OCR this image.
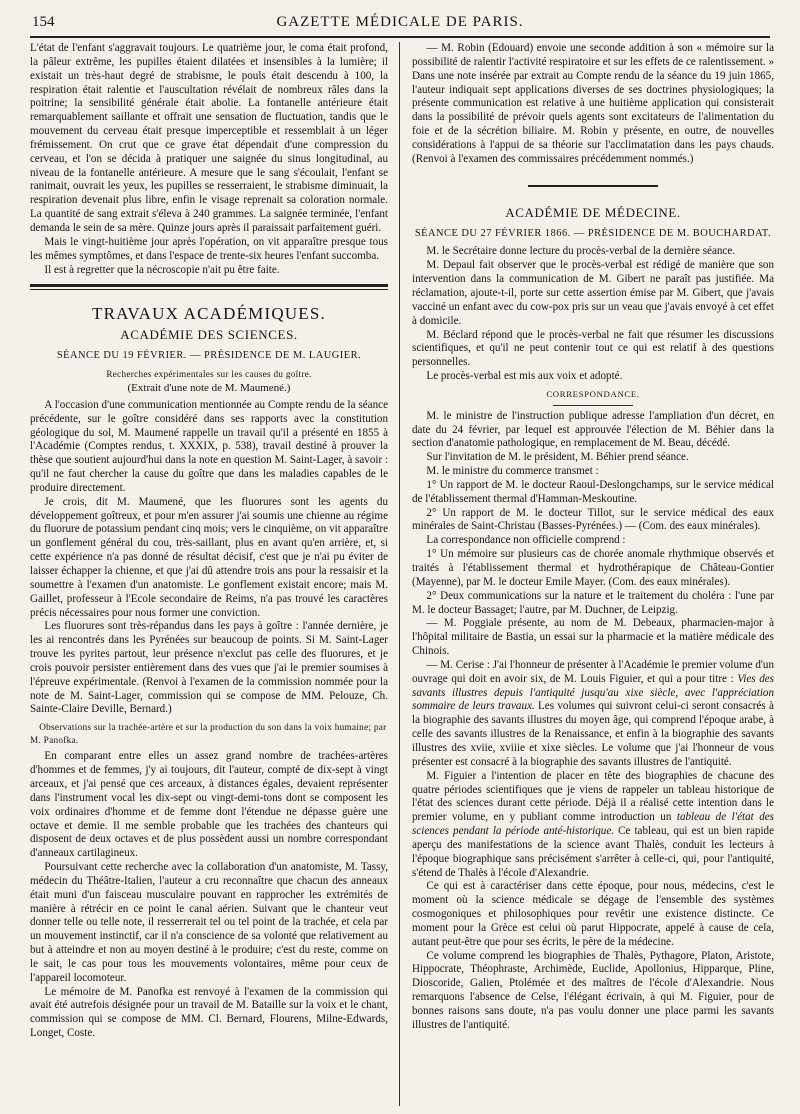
154	GAZETTE MÉDICALE DE PARIS.

L'état de l'enfant s'aggravait toujours. Le quatrième jour, le coma était profond, la pâleur extrême, les pupilles étaient dilatées et insensibles à la lumière; il existait un très-haut degré de strabisme, le pouls était descendu à 100, la respiration était ralentie et l'auscultation révélait de nombreux râles dans la poitrine; la sensibilité générale était abolie. La fontanelle antérieure était remarquablement saillante et offrait une sensation de fluctuation, tandis que le mouvement du cerveau était presque imperceptible et ressemblait à un léger frémissement. On crut que ce grave état dépendait d'une compression du cerveau, et l'on se décida à pratiquer une saignée du sinus longitudinal, au niveau de la fontanelle antérieure. A mesure que le sang s'écoulait, l'enfant se ranimait, ouvrait les yeux, les pupilles se resserraient, le strabisme diminuait, la respiration devenait plus libre, enfin le visage reprenait sa coloration normale. La quantité de sang extrait s'éleva à 240 grammes. La saignée terminée, l'enfant demanda le sein de sa mère. Quinze jours après il paraissait parfaitement guéri.

Mais le vingt-huitième jour après l'opération, on vit apparaître presque tous les mêmes symptômes, et dans l'espace de trente-six heures l'enfant succomba.

Il est à regretter que la nécroscopie n'ait pu être faite.

TRAVAUX ACADÉMIQUES.
ACADÉMIE DES SCIENCES.
SÉANCE DU 19 FÉVRIER. — PRÉSIDENCE DE M. LAUGIER.
Recherches expérimentales sur les causes du goître.
(Extrait d'une note de M. Maumené.)

A l'occasion d'une communication mentionnée au Compte rendu de la séance précédente, sur le goître considéré dans ses rapports avec la constitution géologique du sol, M. Maumené rappelle un travail qu'il a présenté en 1855 à l'Académie (Comptes rendus, t. XXXIX, p. 538), travail destiné à prouver la thèse que soutient aujourd'hui dans la note en question M. Saint-Lager, à savoir : qu'il ne faut chercher la cause du goître que dans les maladies capables de le produire directement.

Je crois, dit M. Maumené, que les fluorures sont les agents du développement goîtreux, et pour m'en assurer j'ai soumis une chienne au régime du fluorure de potassium pendant cinq mois; vers le cinquième, on vit apparaître un gonflement général du cou, très-saillant, plus en avant qu'en arrière, et, si cette expérience n'a pas donné de résultat décisif, c'est que je n'ai pu éviter de laisser échapper la chienne, et que j'ai dû attendre trois ans pour la ressaisir et la soumettre à l'examen d'un anatomiste. Le gonflement existait encore; mais M. Gaillet, professeur à l'Ecole secondaire de Reims, n'a pas trouvé les caractères précis nécessaires pour nous former une conviction.

Les fluorures sont très-répandus dans les pays à goître : l'année dernière, je les ai rencontrés dans les Pyrénées sur beaucoup de points. Si M. Saint-Lager trouve les pyrites partout, leur présence n'exclut pas celle des fluorures, et je crois pouvoir persister entièrement dans des vues que j'ai le premier soumises à l'épreuve expérimentale. (Renvoi à l'examen de la commission nommée pour la note de M. Saint-Lager, commission qui se compose de MM. Pelouze, Ch. Sainte-Claire Deville, Bernard.)

Observations sur la trachée-artère et sur la production du son dans la voix humaine; par M. Panofka.

En comparant entre elles un assez grand nombre de trachées-artères d'hommes et de femmes, j'y ai toujours, dit l'auteur, compté de dix-sept à vingt arceaux, et j'ai pensé que ces arceaux, à distances égales, devaient représenter dans l'instrument vocal les dix-sept ou vingt-demi-tons dont se composent les voix ordinaires d'homme et de femme dont l'étendue ne dépasse guère une octave et demie. Il me semble probable que les trachées des chanteurs qui disposent de deux octaves et de plus possèdent aussi un nombre correspondant d'anneaux cartilagineux.

Poursuivant cette recherche avec la collaboration d'un anatomiste, M. Tassy, médecin du Théâtre-Italien, l'auteur a cru reconnaître que chacun des anneaux était muni d'un faisceau musculaire pouvant en rapprocher les extrémités de manière à rétrécir en ce point le canal aérien. Suivant que le chanteur veut donner telle ou telle note, il resserrerait tel ou tel point de la trachée, et cela par un mouvement instinctif, car il n'a conscience de sa volonté que relativement au but à atteindre et non au moyen destiné à le produire; c'est du reste, comme on le sait, le cas pour tous les mouvements volontaires, même pour ceux de l'appareil locomoteur.

Le mémoire de M. Panofka est renvoyé à l'examen de la commission qui avait été autrefois désignée pour un travail de M. Bataille sur la voix et le chant, commission qui se compose de MM. Cl. Bernard, Flourens, Milne-Edwards, Longet, Coste.

— M. Robin (Édouard) envoie une seconde addition à son « mémoire sur la possibilité de ralentir l'activité respiratoire et sur les effets de ce ralentissement. » Dans une note insérée par extrait au Compte rendu de la séance du 19 juin 1865, l'auteur indiquait sept applications diverses de ses doctrines physiologiques; la présente communication est relative à une huitième application qui consisterait dans la possibilité de prévoir quels agents sont excitateurs de l'alimentation du foie et de la sécrétion biliaire. M. Robin y présente, en outre, de nouvelles considérations à l'appui de sa théorie sur l'acclimatation dans les pays chauds. (Renvoi à l'examen des commissaires précédemment nommés.)

ACADÉMIE DE MÉDECINE.
SÉANCE DU 27 FÉVRIER 1866. — PRÉSIDENCE DE M. BOUCHARDAT.

M. le Secrétaire donne lecture du procès-verbal de la dernière séance.

M. Depaul fait observer que le procès-verbal est rédigé de manière que son intervention dans la communication de M. Gibert ne paraît pas justifiée. Ma réclamation, ajoute-t-il, porte sur cette assertion émise par M. Gibert, que j'avais vacciné un enfant avec du cow-pox pris sur un veau que j'avais envoyé à cet effet à domicile.

M. Béclard répond que le procès-verbal ne fait que résumer les discussions scientifiques, et qu'il ne peut contenir tout ce qui est relatif à des questions personnelles.

Le procès-verbal est mis aux voix et adopté.

CORRESPONDANCE.

M. le ministre de l'instruction publique adresse l'ampliation d'un décret, en date du 24 février, par lequel est approuvée l'élection de M. Béhier dans la section d'anatomie pathologique, en remplacement de M. Beau, décédé.

Sur l'invitation de M. le président, M. Béhier prend séance.

M. le ministre du commerce transmet :

1° Un rapport de M. le docteur Raoul-Deslongchamps, sur le service médical de l'établissement thermal d'Hamman-Meskoutine.

2° Un rapport de M. le docteur Tillot, sur le service médical des eaux minérales de Saint-Christau (Basses-Pyrénées.) — (Com. des eaux minérales).

La correspondance non officielle comprend :

1° Un mémoire sur plusieurs cas de chorée anomale rhythmique observés et traités à l'établissement thermal et hydrothérapique de Château-Gontier (Mayenne), par M. le docteur Emile Mayer. (Com. des eaux minérales).

2° Deux communications sur la nature et le traitement du choléra : l'une par M. le docteur Bassaget; l'autre, par M. Duchner, de Leipzig.

— M. Poggiale présente, au nom de M. Debeaux, pharmacien-major à l'hôpital militaire de Bastia, un essai sur la pharmacie et la matière médicale des Chinois.

— M. Cerise : J'ai l'honneur de présenter à l'Académie le premier volume d'un ouvrage qui doit en avoir six, de M. Louis Figuier, et qui a pour titre : Vies des savants illustres depuis l'antiquité jusqu'au xixe siècle, avec l'appréciation sommaire de leurs travaux. Les volumes qui suivront celui-ci seront consacrés à la biographie des savants illustres du moyen âge, qui comprend l'époque arabe, à celle des savants illustres de la Renaissance, et enfin à la biographie des savants illustres des xviie, xviiie et xixe siècles. Le volume que j'ai l'honneur de vous présenter est consacré à la biographie des savants illustres de l'antiquité.

M. Figuier a l'intention de placer en tête des biographies de chacune des quatre périodes scientifiques que je viens de rappeler un tableau historique de l'état des sciences durant cette période. Déjà il a réalisé cette intention dans le premier volume, en y publiant comme introduction un tableau de l'état des sciences pendant la période anté-historique. Ce tableau, qui est un bien rapide aperçu des manifestations de la science avant Thalès, conduit les lecteurs à l'époque biographique sans précisément s'arrêter à celle-ci, qui, pour l'antiquité, s'étend de Thalès à l'école d'Alexandrie.

Ce qui est à caractériser dans cette époque, pour nous, médecins, c'est le moment où la science médicale se dégage de l'ensemble des systèmes cosmogoniques et philosophiques pour revêtir une existence distincte. Ce moment pour la Grèce est celui où parut Hippocrate, appelé à cause de cela, autant peut-être que pour ses écrits, le père de la médecine.

Ce volume comprend les biographies de Thalès, Pythagore, Platon, Aristote, Hippocrate, Théophraste, Archimède, Euclide, Apollonius, Hipparque, Pline, Dioscoride, Galien, Ptolémée et des maîtres de l'école d'Alexandrie. Nous remarquons l'absence de Celse, l'élégant écrivain, à qui M. Figuier, pour de bonnes raisons sans doute, n'a pas voulu donner une place parmi les savants illustres de l'antiquité.
